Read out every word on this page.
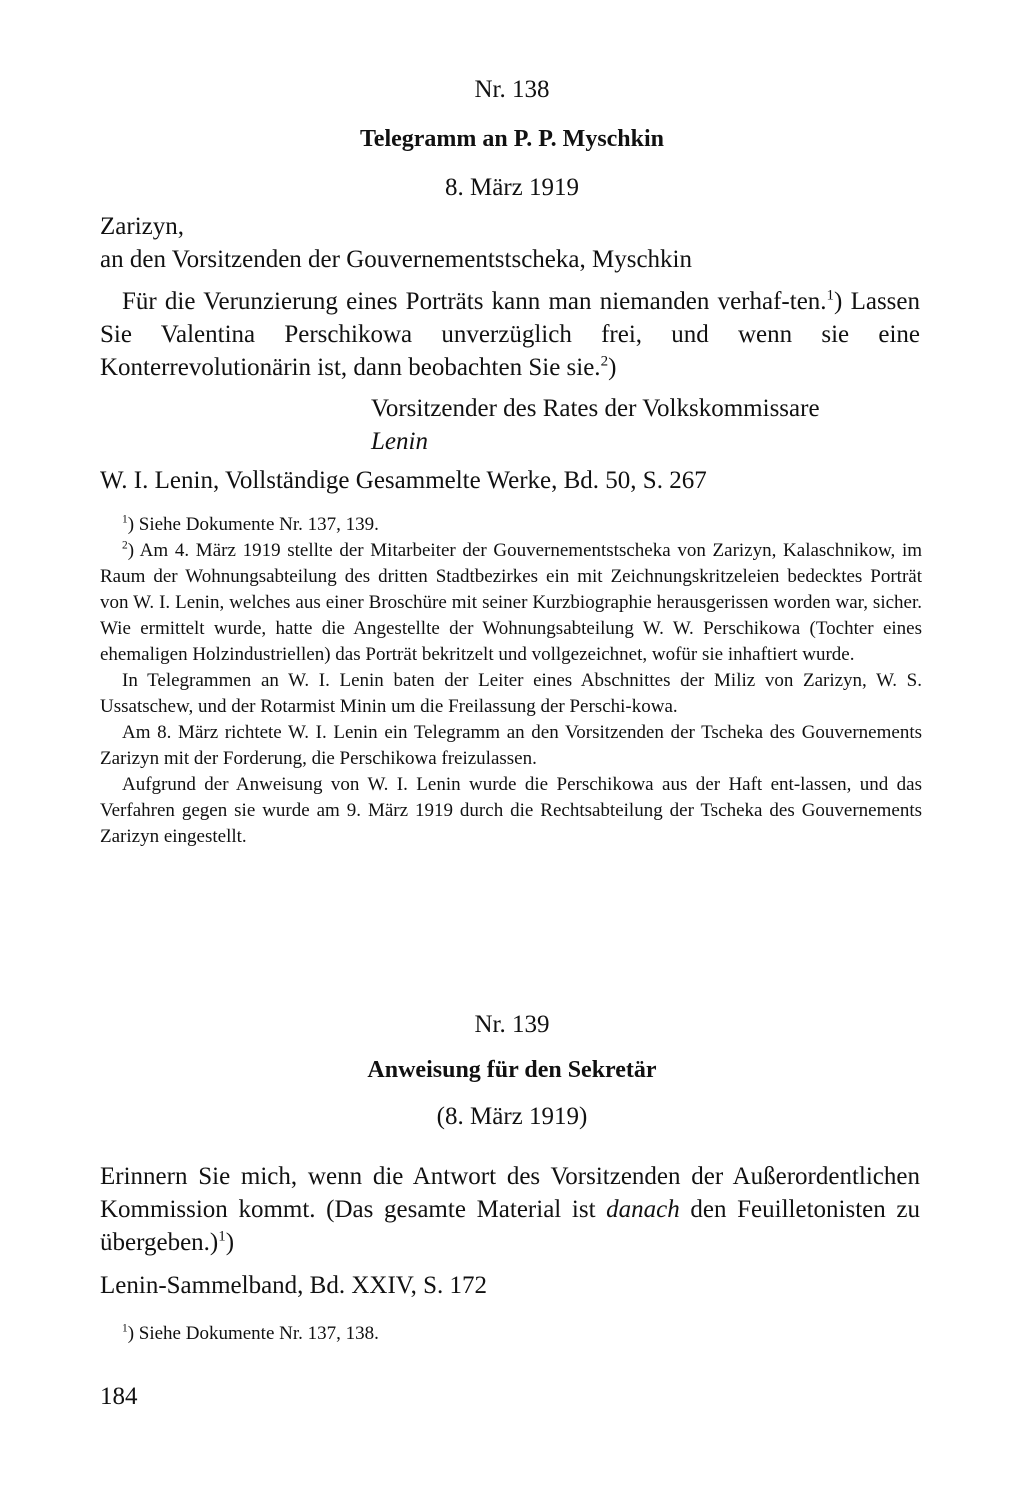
Nr. 138
Telegramm an P. P. Myschkin
8. März 1919
Zarizyn,
an den Vorsitzenden der Gouvernementstscheka, Myschkin
Für die Verunzierung eines Porträts kann man niemanden verhaf-ten.$^1$) Lassen Sie Valentina Perschikowa unverzüglich frei, und wenn sie eine Konterrevolutionärin ist, dann beobachten Sie sie.$^2$)
Vorsitzender des Rates der Volkskommissare
Lenin
W. I. Lenin, Vollständige Gesammelte Werke, Bd. 50, S. 267

$^1$) Siehe Dokumente Nr. 137, 139.

$^2$) Am 4. März 1919 stellte der Mitarbeiter der Gouvernementstscheka von Zarizyn, Kalaschnikow, im Raum der Wohnungsabteilung des dritten Stadtbezirkes ein mit Zeichnungskritzeleien bedecktes Porträt von W. I. Lenin, welches aus einer Broschüre mit seiner Kurzbiographie herausgerissen worden war, sicher. Wie ermittelt wurde, hatte die Angestellte der Wohnungsabteilung W. W. Perschikowa (Tochter eines ehemaligen Holzindustriellen) das Porträt bekritzelt und vollgezeichnet, wofür sie inhaftiert wurde.

In Telegrammen an W. I. Lenin baten der Leiter eines Abschnittes der Miliz von Zarizyn, W. S. Ussatschew, und der Rotarmist Minin um die Freilassung der Perschi-kowa.

Am 8. März richtete W. I. Lenin ein Telegramm an den Vorsitzenden der Tscheka des Gouvernements Zarizyn mit der Forderung, die Perschikowa freizulassen.

Aufgrund der Anweisung von W. I. Lenin wurde die Perschikowa aus der Haft ent-lassen, und das Verfahren gegen sie wurde am 9. März 1919 durch die Rechtsabteilung der Tscheka des Gouvernements Zarizyn eingestellt.

Nr. 139
Anweisung für den Sekretär
(8. März 1919)
Erinnern Sie mich, wenn die Antwort des Vorsitzenden der Außerordentlichen Kommission kommt. (Das gesamte Material ist danach den Feuilletonisten zu übergeben.)$^1$)
Lenin-Sammelband, Bd. XXIV, S. 172

$^1$) Siehe Dokumente Nr. 137, 138.

184
